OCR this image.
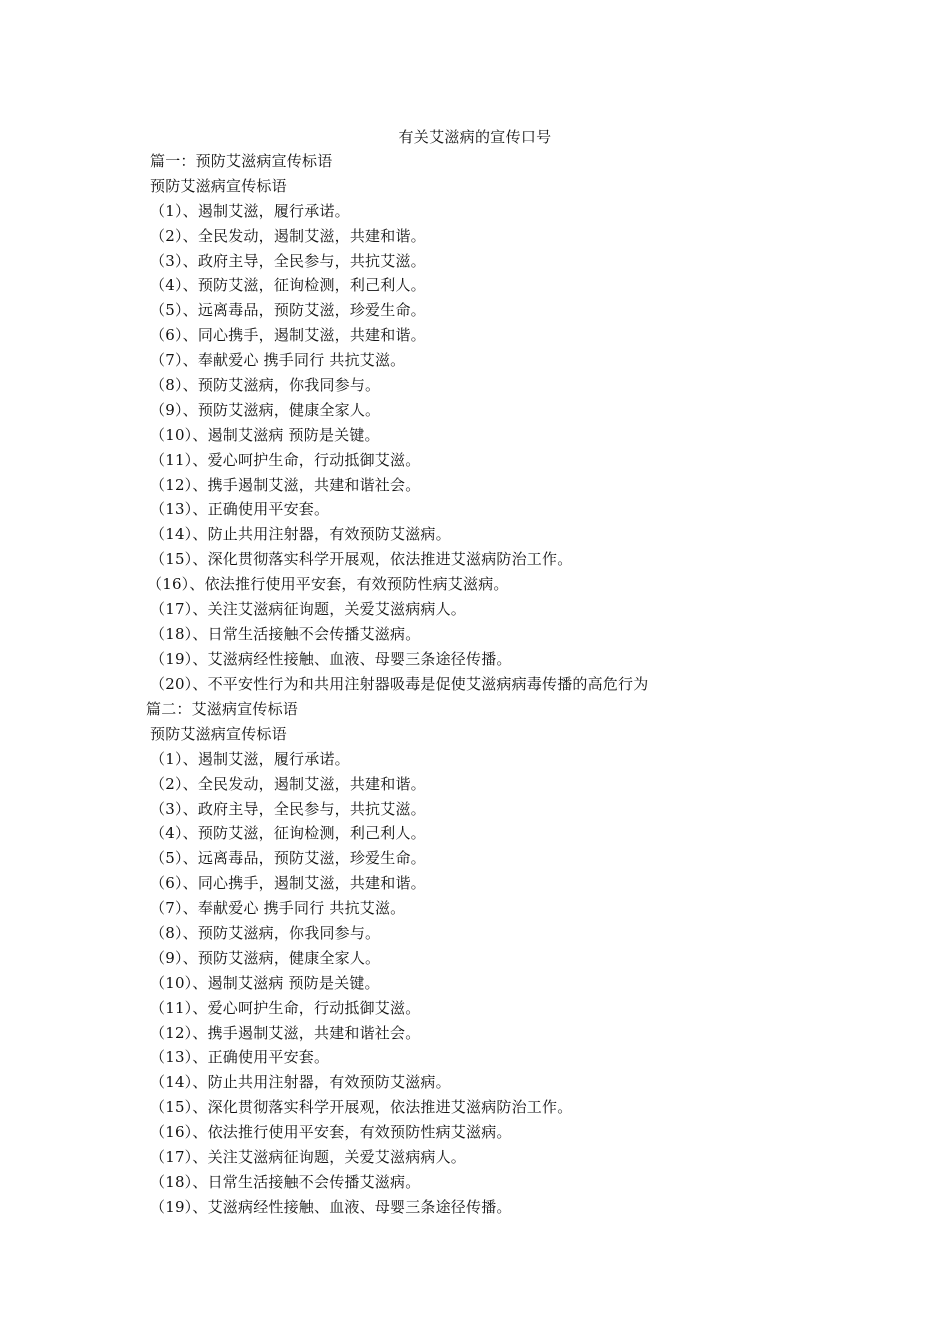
有关艾滋病的宣传口号
篇一：预防艾滋病宣传标语
预防艾滋病宣传标语
（1）、遏制艾滋，履行承诺。
（2）、全民发动，遏制艾滋，共建和谐。
（3）、政府主导，全民参与，共抗艾滋。
（4）、预防艾滋，征询检测，利己利人。
（5）、远离毒品，预防艾滋，珍爱生命。
（6）、同心携手，遏制艾滋，共建和谐。
（7）、奉献爱心 携手同行 共抗艾滋。
（8）、预防艾滋病，你我同参与。
（9）、预防艾滋病，健康全家人。
（10）、遏制艾滋病 预防是关键。
（11）、爱心呵护生命，行动抵御艾滋。
（12）、携手遏制艾滋，共建和谐社会。
（13）、正确使用平安套。
（14）、防止共用注射器，有效预防艾滋病。
（15）、深化贯彻落实科学开展观，依法推进艾滋病防治工作。
（16）、依法推行使用平安套，有效预防性病艾滋病。
（17）、关注艾滋病征询题，关爱艾滋病病人。
（18）、日常生活接触不会传播艾滋病。
（19）、艾滋病经性接触、血液、母婴三条途径传播。
（20）、不平安性行为和共用注射器吸毒是促使艾滋病病毒传播的高危行为
篇二：艾滋病宣传标语
预防艾滋病宣传标语
（1）、遏制艾滋，履行承诺。
（2）、全民发动，遏制艾滋，共建和谐。
（3）、政府主导，全民参与，共抗艾滋。
（4）、预防艾滋，征询检测，利己利人。
（5）、远离毒品，预防艾滋，珍爱生命。
（6）、同心携手，遏制艾滋，共建和谐。
（7）、奉献爱心 携手同行 共抗艾滋。
（8）、预防艾滋病，你我同参与。
（9）、预防艾滋病，健康全家人。
（10）、遏制艾滋病 预防是关键。
（11）、爱心呵护生命，行动抵御艾滋。
（12）、携手遏制艾滋，共建和谐社会。
（13）、正确使用平安套。
（14）、防止共用注射器，有效预防艾滋病。
（15）、深化贯彻落实科学开展观，依法推进艾滋病防治工作。
（16）、依法推行使用平安套，有效预防性病艾滋病。
（17）、关注艾滋病征询题，关爱艾滋病病人。
（18）、日常生活接触不会传播艾滋病。
（19）、艾滋病经性接触、血液、母婴三条途径传播。
